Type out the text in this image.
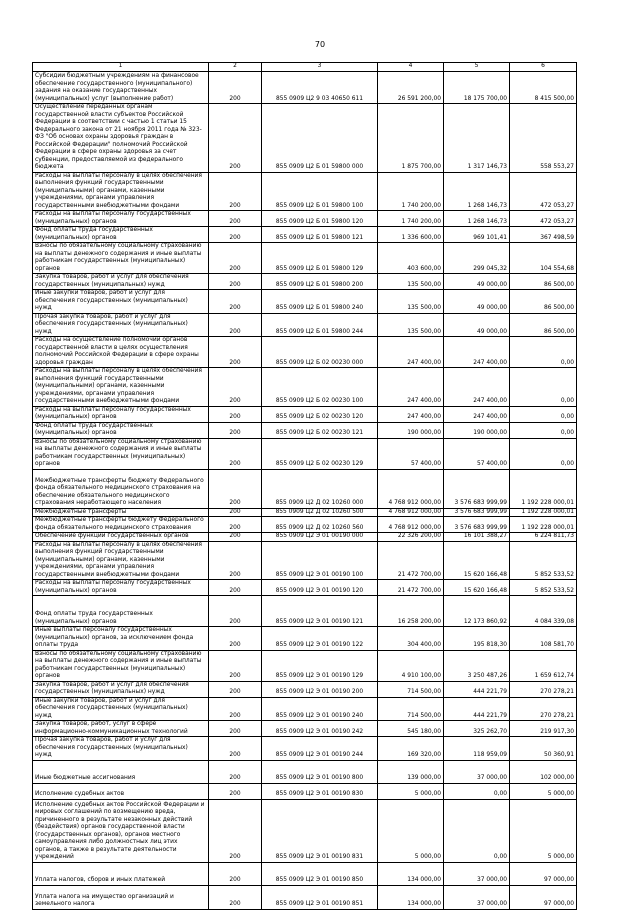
70
1	2	3	4	5	6
Субсидии бюджетным учреждениям на финансовое обеспечение государственного (муниципального) задания на оказание государственных (муниципальных) услуг (выполнение работ)	200	855 0909 Ц2 9 03 40650 611	26 591 200,00	18 175 700,00	8 415 500,00
Осуществление переданных органам государственной власти субъектов Российской Федерации в соответствии с частью 1 статьи 15 Федерального закона от 21 ноября 2011 года № 323-ФЗ "Об основах охраны здоровья граждан в Российской Федерации" полномочий Российской Федерации в сфере охраны здоровья за счет субвенции, предоставляемой из федерального бюджета	200	855 0909 Ц2 Б 01 59800 000	1 875 700,00	1 317 146,73	558 553,27
Расходы на выплаты персоналу в целях обеспечения выполнения функций государственными (муниципальными) органами, казенными учреждениями, органами управления государственными внебюджетными фондами	200	855 0909 Ц2 Б 01 59800 100	1 740 200,00	1 268 146,73	472 053,27
Расходы на выплаты персоналу государственных (муниципальных) органов	200	855 0909 Ц2 Б 01 59800 120	1 740 200,00	1 268 146,73	472 053,27
Фонд оплаты труда государственных (муниципальных) органов	200	855 0909 Ц2 Б 01 59800 121	1 336 600,00	969 101,41	367 498,59
Взносы по обязательному социальному страхованию на выплаты денежного содержания и иные выплаты работникам государственных (муниципальных) органов	200	855 0909 Ц2 Б 01 59800 129	403 600,00	299 045,32	104 554,68
Закупка товаров, работ и услуг для обеспечения государственных (муниципальных) нужд	200	855 0909 Ц2 Б 01 59800 200	135 500,00	49 000,00	86 500,00
Иные закупки товаров, работ и услуг для обеспечения государственных (муниципальных) нужд	200	855 0909 Ц2 Б 01 59800 240	135 500,00	49 000,00	86 500,00
Прочая закупка товаров, работ и услуг для обеспечения государственных (муниципальных) нужд	200	855 0909 Ц2 Б 01 59800 244	135 500,00	49 000,00	86 500,00
Расходы на осуществление полномочий органов государственной власти в целях осуществления полномочий Российской Федерации в сфере охраны здоровья граждан	200	855 0909 Ц2 Б 02 00230 000	247 400,00	247 400,00	0,00
Расходы на выплаты персоналу в целях обеспечения выполнения функций государственными (муниципальными) органами, казенными учреждениями, органами управления государственными внебюджетными фондами	200	855 0909 Ц2 Б 02 00230 100	247 400,00	247 400,00	0,00
Расходы на выплаты персоналу государственных (муниципальных) органов	200	855 0909 Ц2 Б 02 00230 120	247 400,00	247 400,00	0,00
Фонд оплаты труда государственных (муниципальных) органов	200	855 0909 Ц2 Б 02 00230 121	190 000,00	190 000,00	0,00
Взносы по обязательному социальному страхованию на выплаты денежного содержания и иные выплаты работникам государственных (муниципальных) органов	200	855 0909 Ц2 Б 02 00230 129	57 400,00	57 400,00	0,00
Межбюджетные трансферты бюджету Федерального фонда обязательного медицинского страхования на обеспечение обязательного медицинского страхования неработающего населения	200	855 0909 Ц2 Д 02 10260 000	4 768 912 000,00	3 576 683 999,99	1 192 228 000,01
Межбюджетные трансферты	200	855 0909 Ц2 Д 02 10260 500	4 768 912 000,00	3 576 683 999,99	1 192 228 000,01
Межбюджетные трансферты бюджету Федерального фонда обязательного медицинского страхования	200	855 0909 Ц2 Д 02 10260 560	4 768 912 000,00	3 576 683 999,99	1 192 228 000,01
Обеспечение функций государственных органов	200	855 0909 Ц2 Э 01 00190 000	22 326 200,00	16 101 388,27	6 224 811,73
Расходы на выплаты персоналу в целях обеспечения выполнения функций государственными (муниципальными) органами, казенными учреждениями, органами управления государственными внебюджетными фондами	200	855 0909 Ц2 Э 01 00190 100	21 472 700,00	15 620 166,48	5 852 533,52
Расходы на выплаты персоналу государственных (муниципальных) органов	200	855 0909 Ц2 Э 01 00190 120	21 472 700,00	15 620 166,48	5 852 533,52
Фонд оплаты труда государственных (муниципальных) органов	200	855 0909 Ц2 Э 01 00190 121	16 258 200,00	12 173 860,92	4 084 339,08
Иные выплаты персоналу государственных (муниципальных) органов, за исключением фонда оплаты труда	200	855 0909 Ц2 Э 01 00190 122	304 400,00	195 818,30	108 581,70
Взносы по обязательному социальному страхованию на выплаты денежного содержания и иные выплаты работникам государственных (муниципальных) органов	200	855 0909 Ц2 Э 01 00190 129	4 910 100,00	3 250 487,26	1 659 612,74
Закупка товаров, работ и услуг для обеспечения государственных (муниципальных) нужд	200	855 0909 Ц2 Э 01 00190 200	714 500,00	444 221,79	270 278,21
Иные закупки товаров, работ и услуг для обеспечения государственных (муниципальных) нужд	200	855 0909 Ц2 Э 01 00190 240	714 500,00	444 221,79	270 278,21
Закупка товаров, работ, услуг в сфере информационно-коммуникационных технологий	200	855 0909 Ц2 Э 01 00190 242	545 180,00	325 262,70	219 917,30
Прочая закупка товаров, работ и услуг для обеспечения государственных (муниципальных) нужд	200	855 0909 Ц2 Э 01 00190 244	169 320,00	118 959,09	50 360,91
Иные бюджетные ассигнования	200	855 0909 Ц2 Э 01 00190 800	139 000,00	37 000,00	102 000,00
Исполнение судебных актов	200	855 0909 Ц2 Э 01 00190 830	5 000,00	0,00	5 000,00
Исполнение судебных актов Российской Федерации и мировых соглашений по возмещению вреда, причиненного в результате незаконных действий (бездействия) органов государственной власти (государственных органов), органов местного самоуправления либо должностных лиц этих органов, а также в результате деятельности учреждений	200	855 0909 Ц2 Э 01 00190 831	5 000,00	0,00	5 000,00
Уплата налогов, сборов и иных платежей	200	855 0909 Ц2 Э 01 00190 850	134 000,00	37 000,00	97 000,00
Уплата налога на имущество организаций и земельного налога	200	855 0909 Ц2 Э 01 00190 851	134 000,00	37 000,00	97 000,00
